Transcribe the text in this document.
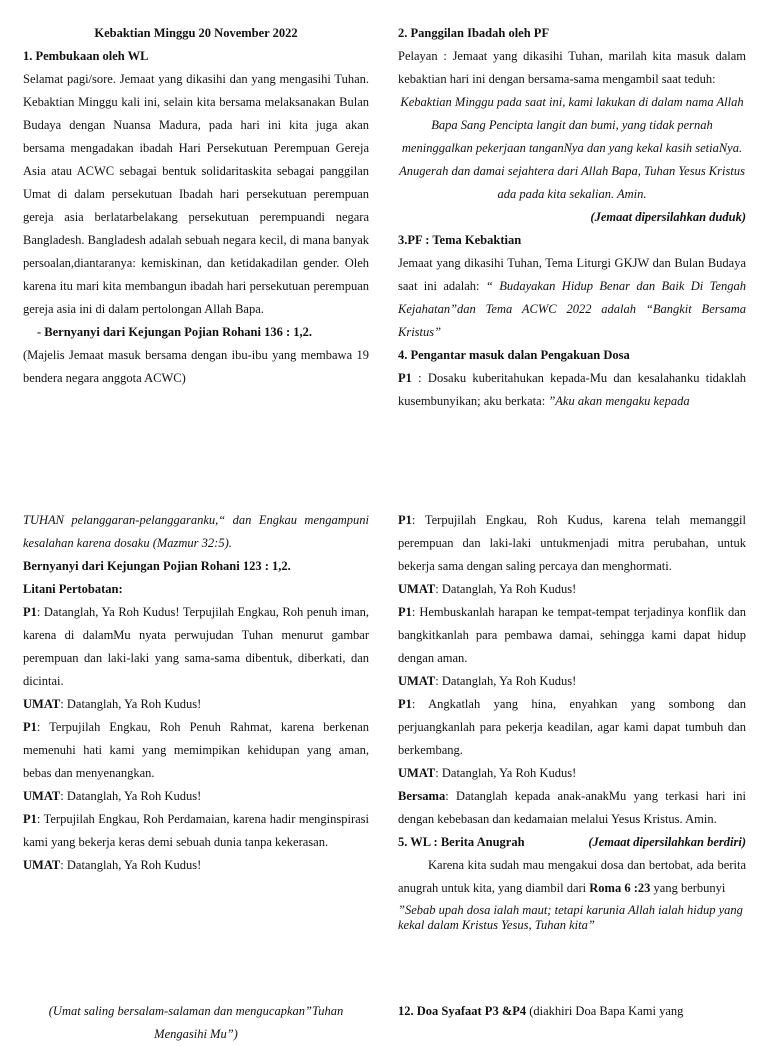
Kebaktian Minggu 20 November 2022

1. Pembukaan oleh WL

Selamat pagi/sore. Jemaat yang dikasihi dan yang mengasihi Tuhan. Kebaktian Minggu kali ini, selain kita bersama melaksanakan Bulan Budaya dengan Nuansa Madura, pada hari ini kita juga akan bersama mengadakan ibadah Hari Persekutuan Perempuan Gereja Asia atau ACWC sebagai bentuk solidaritaskita sebagai panggilan Umat di dalam persekutuan Ibadah hari persekutuan perempuan gereja asia berlatarbelakang persekutuan perempuandi negara Bangladesh. Bangladesh adalah sebuah negara kecil, di mana banyak persoalan,diantaranya: kemiskinan, dan ketidakadilan gender. Oleh karena itu mari kita membangun ibadah hari persekutuan perempuan gereja asia ini di dalam pertolongan Allah Bapa.

- Bernyanyi dari Kejungan Pojian Rohani 136 : 1,2.

(Majelis Jemaat masuk bersama dengan ibu-ibu yang membawa 19 bendera negara anggota ACWC)

2. Panggilan Ibadah oleh PF

Pelayan : Jemaat yang dikasihi Tuhan, marilah kita masuk dalam kebaktian hari ini dengan bersama-sama mengambil saat teduh:

Kebaktian Minggu pada saat ini, kami lakukan di dalam nama Allah Bapa Sang Pencipta langit dan bumi, yang tidak pernah meninggalkan pekerjaan tanganNya dan yang kekal kasih setiaNya.

Anugerah dan damai sejahtera dari Allah Bapa, Tuhan Yesus Kristus ada pada kita sekalian. Amin.

(Jemaat dipersilahkan duduk)

3.PF : Tema Kebaktian

Jemaat yang dikasihi Tuhan, Tema Liturgi GKJW dan Bulan Budaya saat ini adalah: “ Budayakan Hidup Benar dan Baik Di Tengah Kejahatan”dan Tema ACWC 2022 adalah “Bangkit Bersama Kristus”

4. Pengantar masuk dalan Pengakuan Dosa

P1 : Dosaku kuberitahukan kepada-Mu dan kesalahanku tidaklah kusembunyikan; aku berkata: ”Aku akan mengaku kepada

TUHAN pelanggaran-pelanggaranku,“ dan Engkau mengampuni kesalahan karena dosaku (Mazmur 32:5).

Bernyanyi dari Kejungan Pojian Rohani 123 : 1,2.

Litani Pertobatan:

P1: Datanglah, Ya Roh Kudus! Terpujilah Engkau, Roh penuh iman, karena di dalamMu nyata perwujudan Tuhan menurut gambar perempuan dan laki-laki yang sama-sama dibentuk, diberkati, dan dicintai.

UMAT: Datanglah, Ya Roh Kudus!

P1: Terpujilah Engkau, Roh Penuh Rahmat, karena berkenan memenuhi hati kami yang memimpikan kehidupan yang aman, bebas dan menyenangkan.

UMAT: Datanglah, Ya Roh Kudus!

P1: Terpujilah Engkau, Roh Perdamaian, karena hadir menginspirasi kami yang bekerja keras demi sebuah dunia tanpa kekerasan.

UMAT: Datanglah, Ya Roh Kudus!

P1: Terpujilah Engkau, Roh Kudus, karena telah memanggil perempuan dan laki-laki untukmenjadi mitra perubahan, untuk bekerja sama dengan saling percaya dan menghormati.

UMAT: Datanglah, Ya Roh Kudus!

P1: Hembuskanlah harapan ke tempat-tempat terjadinya konflik dan bangkitkanlah para pembawa damai, sehingga kami dapat hidup dengan aman.

UMAT: Datanglah, Ya Roh Kudus!

P1: Angkatlah yang hina, enyahkan yang sombong dan perjuangkanlah para pekerja keadilan, agar kami dapat tumbuh dan berkembang.

UMAT: Datanglah, Ya Roh Kudus!

Bersama: Datanglah kepada anak-anakMu yang terkasi hari ini dengan kebebasan dan kedamaian melalui Yesus Kristus. Amin.

5. WL : Berita Anugrah	(Jemaat dipersilahkan berdiri)

Karena kita sudah mau mengakui dosa dan bertobat, ada berita anugrah untuk kita, yang diambil dari Roma 6 :23 yang berbunyi

”Sebab upah dosa ialah maut; tetapi karunia Allah ialah hidup yang kekal dalam Kristus Yesus, Tuhan kita”

(Umat saling bersalam-salaman dan mengucapkan”Tuhan Mengasihi Mu”)

12. Doa Syafaat P3 &P4 (diakhiri Doa Bapa Kami yang
